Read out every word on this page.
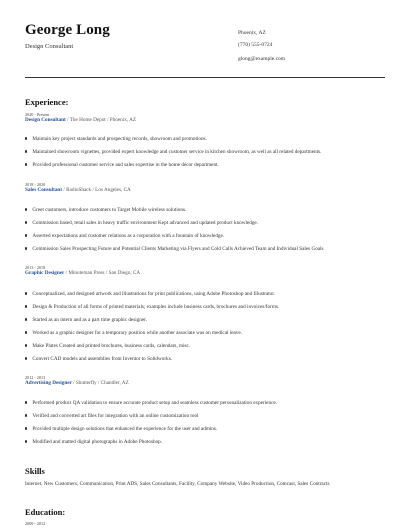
George Long
Design Consultant
Phoenix, AZ
(770) 555-0724
glong@example.com
Experience:
2020 - Present
Design Consultant / The Home Depot / Phoenix, AZ
Maintain key project standards and prospecting records, showroom and promotions.
Maintained showroom vignettes, provided expert knowledge and customer service in kitchen showroom, as well as all related departments.
Provided professional customer service and sales expertise in the home décor department.
2018 - 2020
Sales Consultant / RadioShack / Los Angeles, CA
Greet customers, introduce customers to Target Mobile wireless solutions.
Commission based, retail sales in heavy traffic environment Kept advanced and updated product knowledge.
Asserted expectations and customer relations as a corporation with a fountain of knowledge.
Commission Sales Prospecting Future and Potential Clients Marketing via Flyers and Cold Calls Achieved Team and Individual Sales Goals
2013 - 2018
Graphic Designer / Minuteman Press / San Diego, CA
Conceptualized, and designed artwork and illustrations for print publications, using Adobe Photoshop and Illustrator.
Design & Production of all forms of printed materials; examples include business cards, brochures and invoices/forms.
Started as an intern and as a part time graphic designer.
Worked as a graphic designer for a temporary position while another associate was on medical leave.
Make Plates Created and printed brochures, business cards, calendars, misc.
Convert CAD models and assemblies from Inventor to Solidworks.
2012 - 2013
Advertising Designer / Shutterfly / Chandler, AZ
Performed product QA validation to ensure accurate product setup and seamless customer personalization experience.
Verified and converted art files for integration with an online customization tool
Provided multiple design solutions that enhanced the experience for the user and admins.
Modified and matted digital photographs in Adobe Photoshop.
Skills
Internet, New Customers, Communication, Print ADS, Sales Consultants, Facility, Company Website, Video Production, Comcast, Sales Contracts
Education:
2009 - 2012
